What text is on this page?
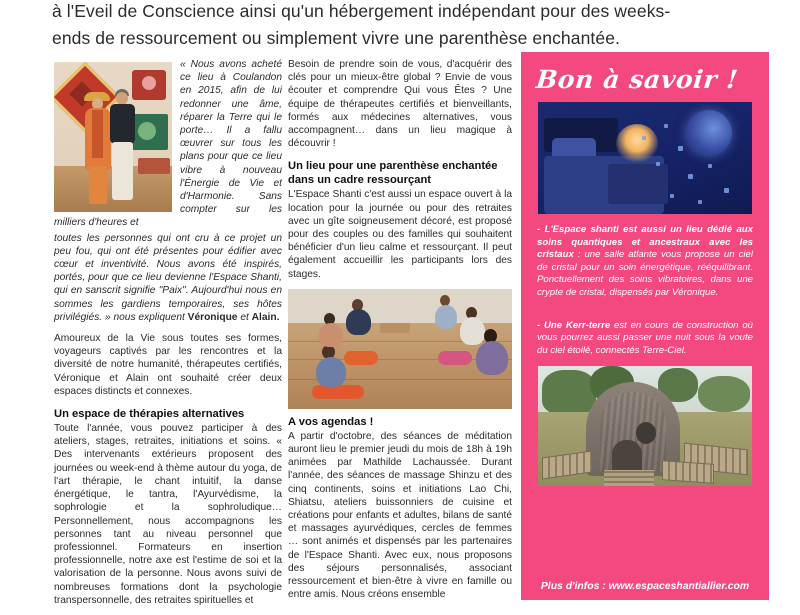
à l'Eveil de Conscience ainsi qu'un hébergement indépendant pour des weeks-
ends de ressourcement ou simplement vivre une parenthèse enchantée.
« Nous avons acheté ce lieu à Coulandon en 2015, afin de lui redonner une âme, réparer la Terre qui le porte… Il a fallu œuvrer sur tous les plans pour que ce lieu vibre à nouveau l'Énergie de Vie et d'Harmonie. Sans compter sur les milliers d'heures et

toutes les personnes qui ont cru à ce projet un peu fou, qui ont été présentes pour édifier avec cœur et inventivité. Nous avons été inspirés, portés, pour que ce lieu devienne l'Espace Shanti, qui en sanscrit signifie "Paix". Aujourd'hui nous en sommes les gardiens temporaires, ses hôtes privilégiés. » nous expliquent Véronique et Alain.

Amoureux de la Vie sous toutes ses formes, voyageurs captivés par les rencontres et la diversité de notre humanité, thérapeutes certifiés, Véronique et Alain ont souhaité créer deux espaces distincts et connexes.

Un espace de thérapies alternatives

Toute l'année, vous pouvez participer à des ateliers, stages, retraites, initiations et soins. « Des intervenants extérieurs proposent des journées ou week-end à thème autour du yoga, de l'art thérapie, le chant intuitif, la danse énergétique, le tantra, l'Ayurvédisme, la sophrologie et la sophroludique… Personnellement, nous accompagnons les personnes tant au niveau personnel que professionnel. Formateurs en insertion professionnelle, notre axe est l'estime de soi et la valorisation de la personne. Nous avons suivi de nombreuses formations dont la psychologie transpersonnelle, des retraites spirituelles et

Besoin de prendre soin de vous, d'acquérir des clés pour un mieux-être global ? Envie de vous écouter et comprendre Qui vous Êtes ? Une équipe de thérapeutes certifiés et bienveillants, formés aux médecines alternatives, vous accompagnent… dans un lieu magique à découvrir !

Un lieu pour une parenthèse enchantée dans un cadre ressourçant

L'Espace Shanti c'est aussi un espace ouvert à la location pour la journée ou pour des retraites avec un gîte soigneusement décoré, est proposé pour des couples ou des familles qui souhaitent bénéficier d'un lieu calme et ressourçant. Il peut également accueillir les participants lors des stages.

A vos agendas !

A partir d'octobre, des séances de méditation auront lieu le premier jeudi du mois de 18h à 19h animées par Mathilde Lachaussée. Durant l'année, des séances de massage Shinzu et des cinq continents, soins et initiations Lao Chi, Shiatsu, ateliers buissonniers de cuisine et créations pour enfants et adultes, bilans de santé et massages ayurvédiques, cercles de femmes … sont animés et dispensés par les partenaires de l'Espace Shanti. Avec eux, nous proposons des séjours personnalisés, associant ressourcement et bien-être à vivre en famille ou entre amis. Nous créons ensemble

Bon à savoir !
- L'Espace shanti est aussi un lieu dédié aux soins quantiques et ancestraux avec les cristaux : une salle atlante vous propose un ciel de cristal pour un soin énergétique, rééquilibrant. Ponctuellement des soins vibratoires, dans une crypte de cristal, dispensés par Véronique.
- Une Kerr-terre est en cours de construction où vous pourrez aussi passer une nuit sous la voute du ciel étoilé, connectés Terre-Ciel.
Plus d'infos : www.espaceshantiallier.com
